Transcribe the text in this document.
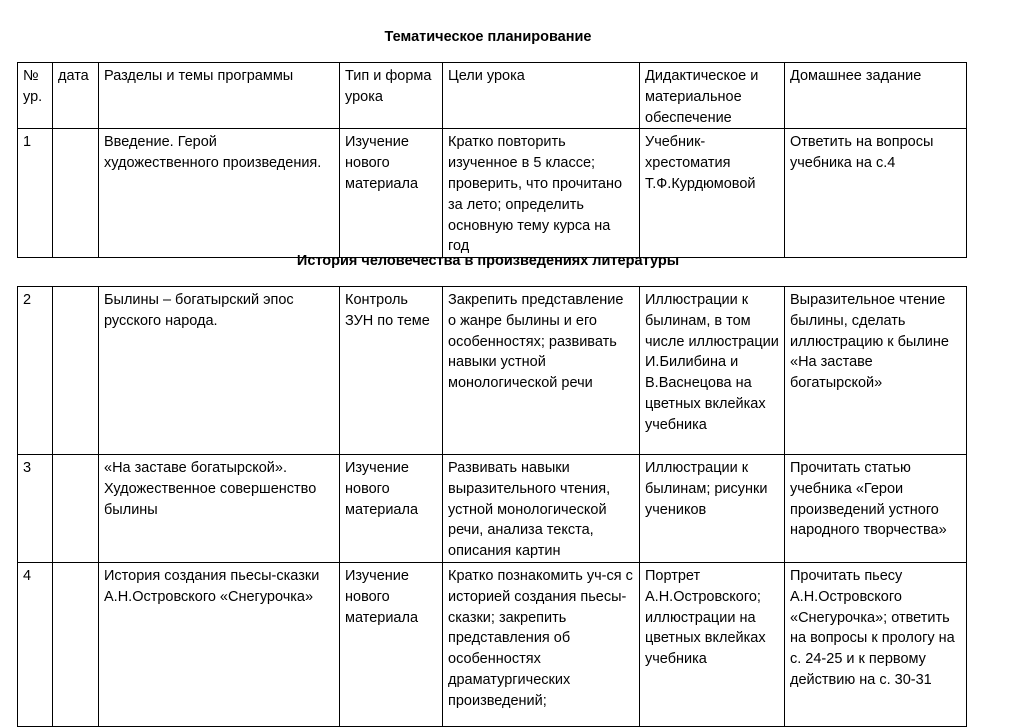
Тематическое планирование
№ ур.	дата	Разделы и темы программы	Тип и форма урока	Цели урока	Дидактическое и материальное обеспечение	Домашнее задание
1		Введение. Герой художественного произведения.	Изучение нового материала	Кратко повторить изученное в 5 классе; проверить, что прочитано за лето; определить основную тему курса на год	Учебник-хрестоматия Т.Ф.Курдюмовой	Ответить на вопросы учебника на с.4
История человечества в произведениях литературы
2		Былины – богатырский эпос русского народа.	Контроль ЗУН по теме	Закрепить представление о жанре былины и его особенностях; развивать навыки устной монологической речи	Иллюстрации к былинам, в том числе иллюстрации И.Билибина и В.Васнецова на цветных вклейках учебника	Выразительное чтение былины, сделать иллюстрацию к былине «На заставе богатырской»
3		«На заставе богатырской». Художественное совершенство былины	Изучение нового материала	Развивать навыки выразительного чтения, устной монологической речи, анализа текста, описания картин	Иллюстрации к былинам; рисунки учеников	Прочитать статью учебника «Герои произведений устного народного творчества»
4		История создания пьесы-сказки А.Н.Островского «Снегурочка»	Изучение нового материала	Кратко познакомить уч-ся с историей создания пьесы-сказки; закрепить представления об особенностях драматургических произведений;	Портрет А.Н.Островского; иллюстрации на цветных вклейках учебника	Прочитать пьесу А.Н.Островского «Снегурочка»; ответить на вопросы к прологу на с. 24-25 и к первому действию на с. 30-31
